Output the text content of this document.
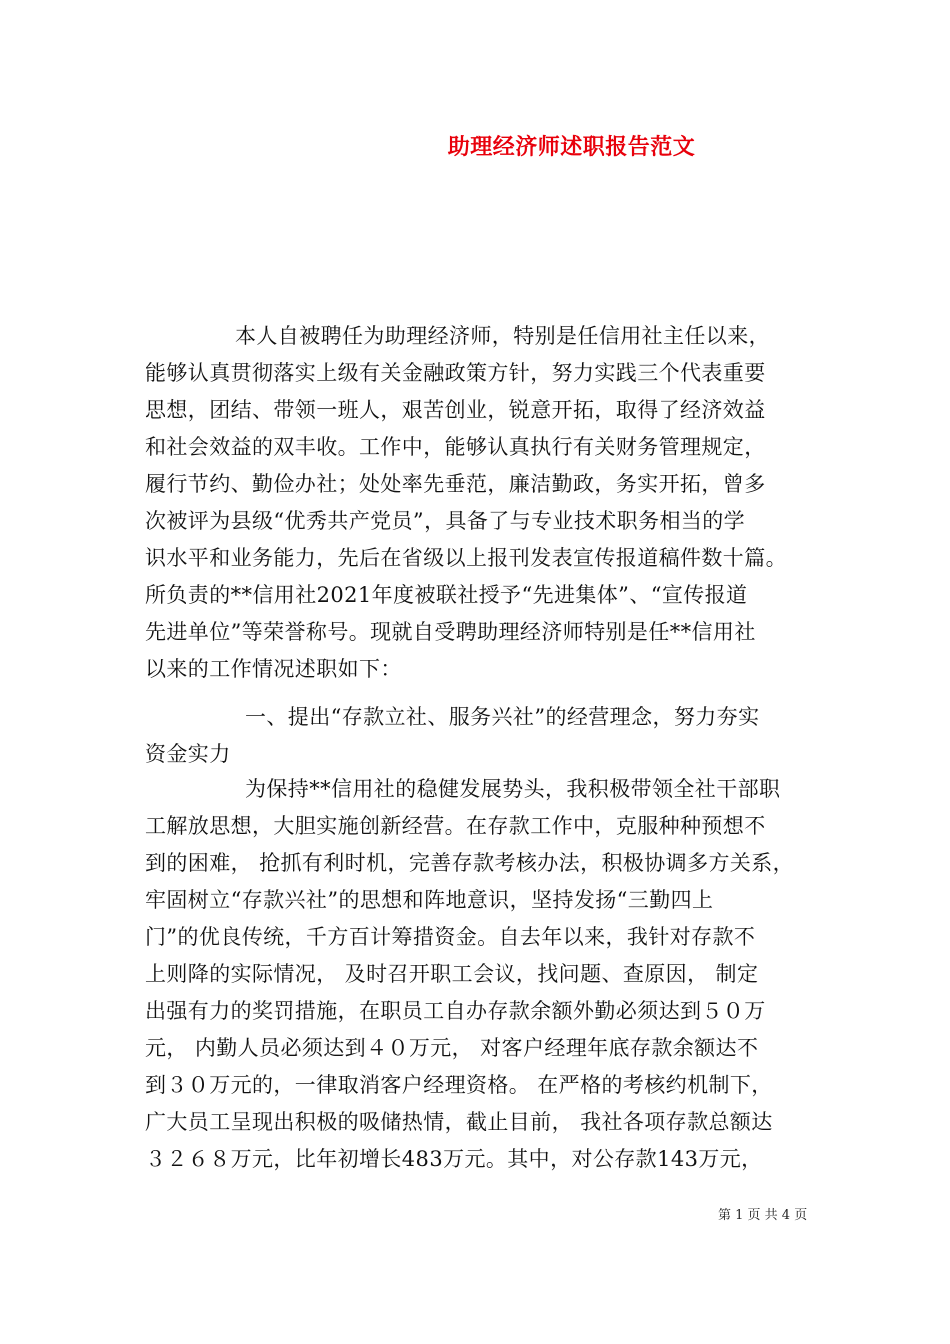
助理经济师述职报告范文
本人自被聘任为助理经济师，特别是任信用社主任以来，
能够认真贯彻落实上级有关金融政策方针，努力实践三个代表重要
思想，团结、带领一班人，艰苦创业，锐意开拓，取得了经济效益
和社会效益的双丰收。工作中，能够认真执行有关财务管理规定，
履行节约、勤俭办社；处处率先垂范，廉洁勤政，务实开拓，曾多
次被评为县级“优秀共产党员”，具备了与专业技术职务相当的学
识水平和业务能力，先后在省级以上报刊发表宣传报道稿件数十篇。
所负责的**信用社2021年度被联社授予“先进集体”、“宣传报道
先进单位”等荣誉称号。现就自受聘助理经济师特别是任**信用社
以来的工作情况述职如下：
一、提出“存款立社、服务兴社”的经营理念，努力夯实
资金实力
为保持**信用社的稳健发展势头，我积极带领全社干部职
工解放思想，大胆实施创新经营。在存款工作中，克服种种预想不
到的困难， 抢抓有利时机，完善存款考核办法，积极协调多方关系，
牢固树立“存款兴社”的思想和阵地意识，坚持发扬“三勤四上
门”的优良传统，千方百计筹措资金。自去年以来，我针对存款不
上则降的实际情况， 及时召开职工会议，找问题、查原因， 制定
出强有力的奖罚措施，在职员工自办存款余额外勤必须达到５０万
元， 内勤人员必须达到４０万元， 对客户经理年底存款余额达不
到３０万元的，一律取消客户经理资格。 在严格的考核约机制下，
广大员工呈现出积极的吸储热情，截止目前， 我社各项存款总额达
３２６８万元，比年初增长483万元。其中，对公存款143万元，
第 1 页 共 4 页
